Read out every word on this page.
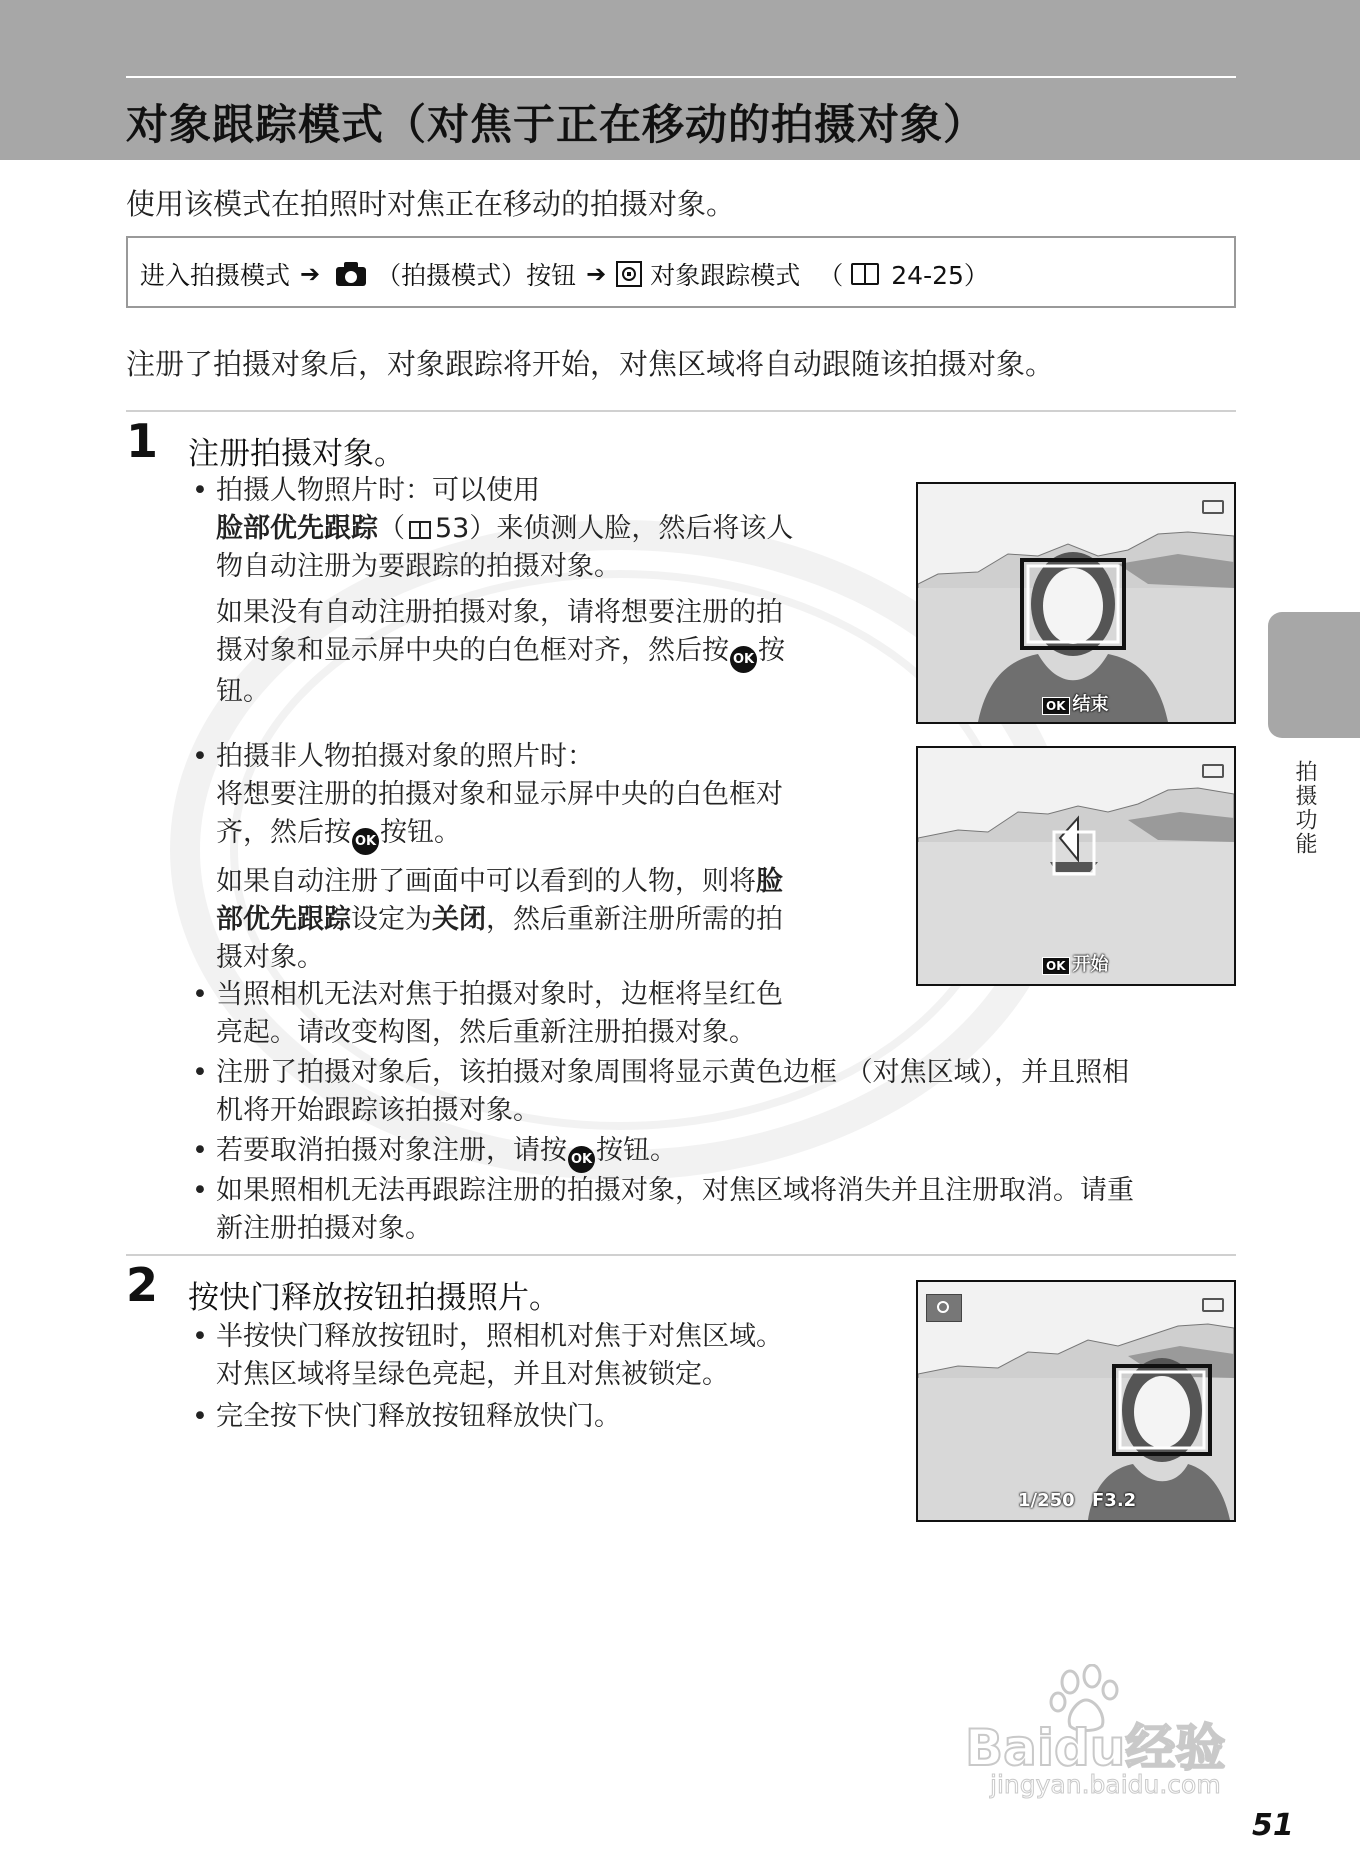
对象跟踪模式（对焦于正在移动的拍摄对象）
使用该模式在拍照时对焦正在移动的拍摄对象。
进入拍摄模式 ➔ （拍摄模式）按钮 ➔ 对象跟踪模式 （ 24-25）
注册了拍摄对象后，对象跟踪将开始，对焦区域将自动跟随该拍摄对象。
1 注册拍摄对象。
• 拍摄人物照片时：可以使用
脸部优先跟踪（ 53）来侦测人脸，然后将该人
物自动注册为要跟踪的拍摄对象。
如果没有自动注册拍摄对象，请将想要注册的拍
摄对象和显示屏中央的白色框对齐，然后按 OK 按
钮。
• 拍摄非人物拍摄对象的照片时：
将想要注册的拍摄对象和显示屏中央的白色框对
齐，然后按 OK 按钮。
如果自动注册了画面中可以看到的人物，则将脸
部优先跟踪设定为关闭，然后重新注册所需的拍
摄对象。
• 当照相机无法对焦于拍摄对象时，边框将呈红色
亮起。请改变构图，然后重新注册拍摄对象。
• 注册了拍摄对象后，该拍摄对象周围将显示黄色边框 （对焦区域），并且照相
机将开始跟踪该拍摄对象。
• 若要取消拍摄对象注册，请按 OK 按钮。
• 如果照相机无法再跟踪注册的拍摄对象，对焦区域将消失并且注册取消。请重
新注册拍摄对象。
OK 结束
OK 开始
2 按快门释放按钮拍摄照片。
• 半按快门释放按钮时，照相机对焦于对焦区域。
对焦区域将呈绿色亮起，并且对焦被锁定。
• 完全按下快门释放按钮释放快门。
1/250 F3.2
拍摄功能
Baidu经验
jingyan.baidu.com
51
